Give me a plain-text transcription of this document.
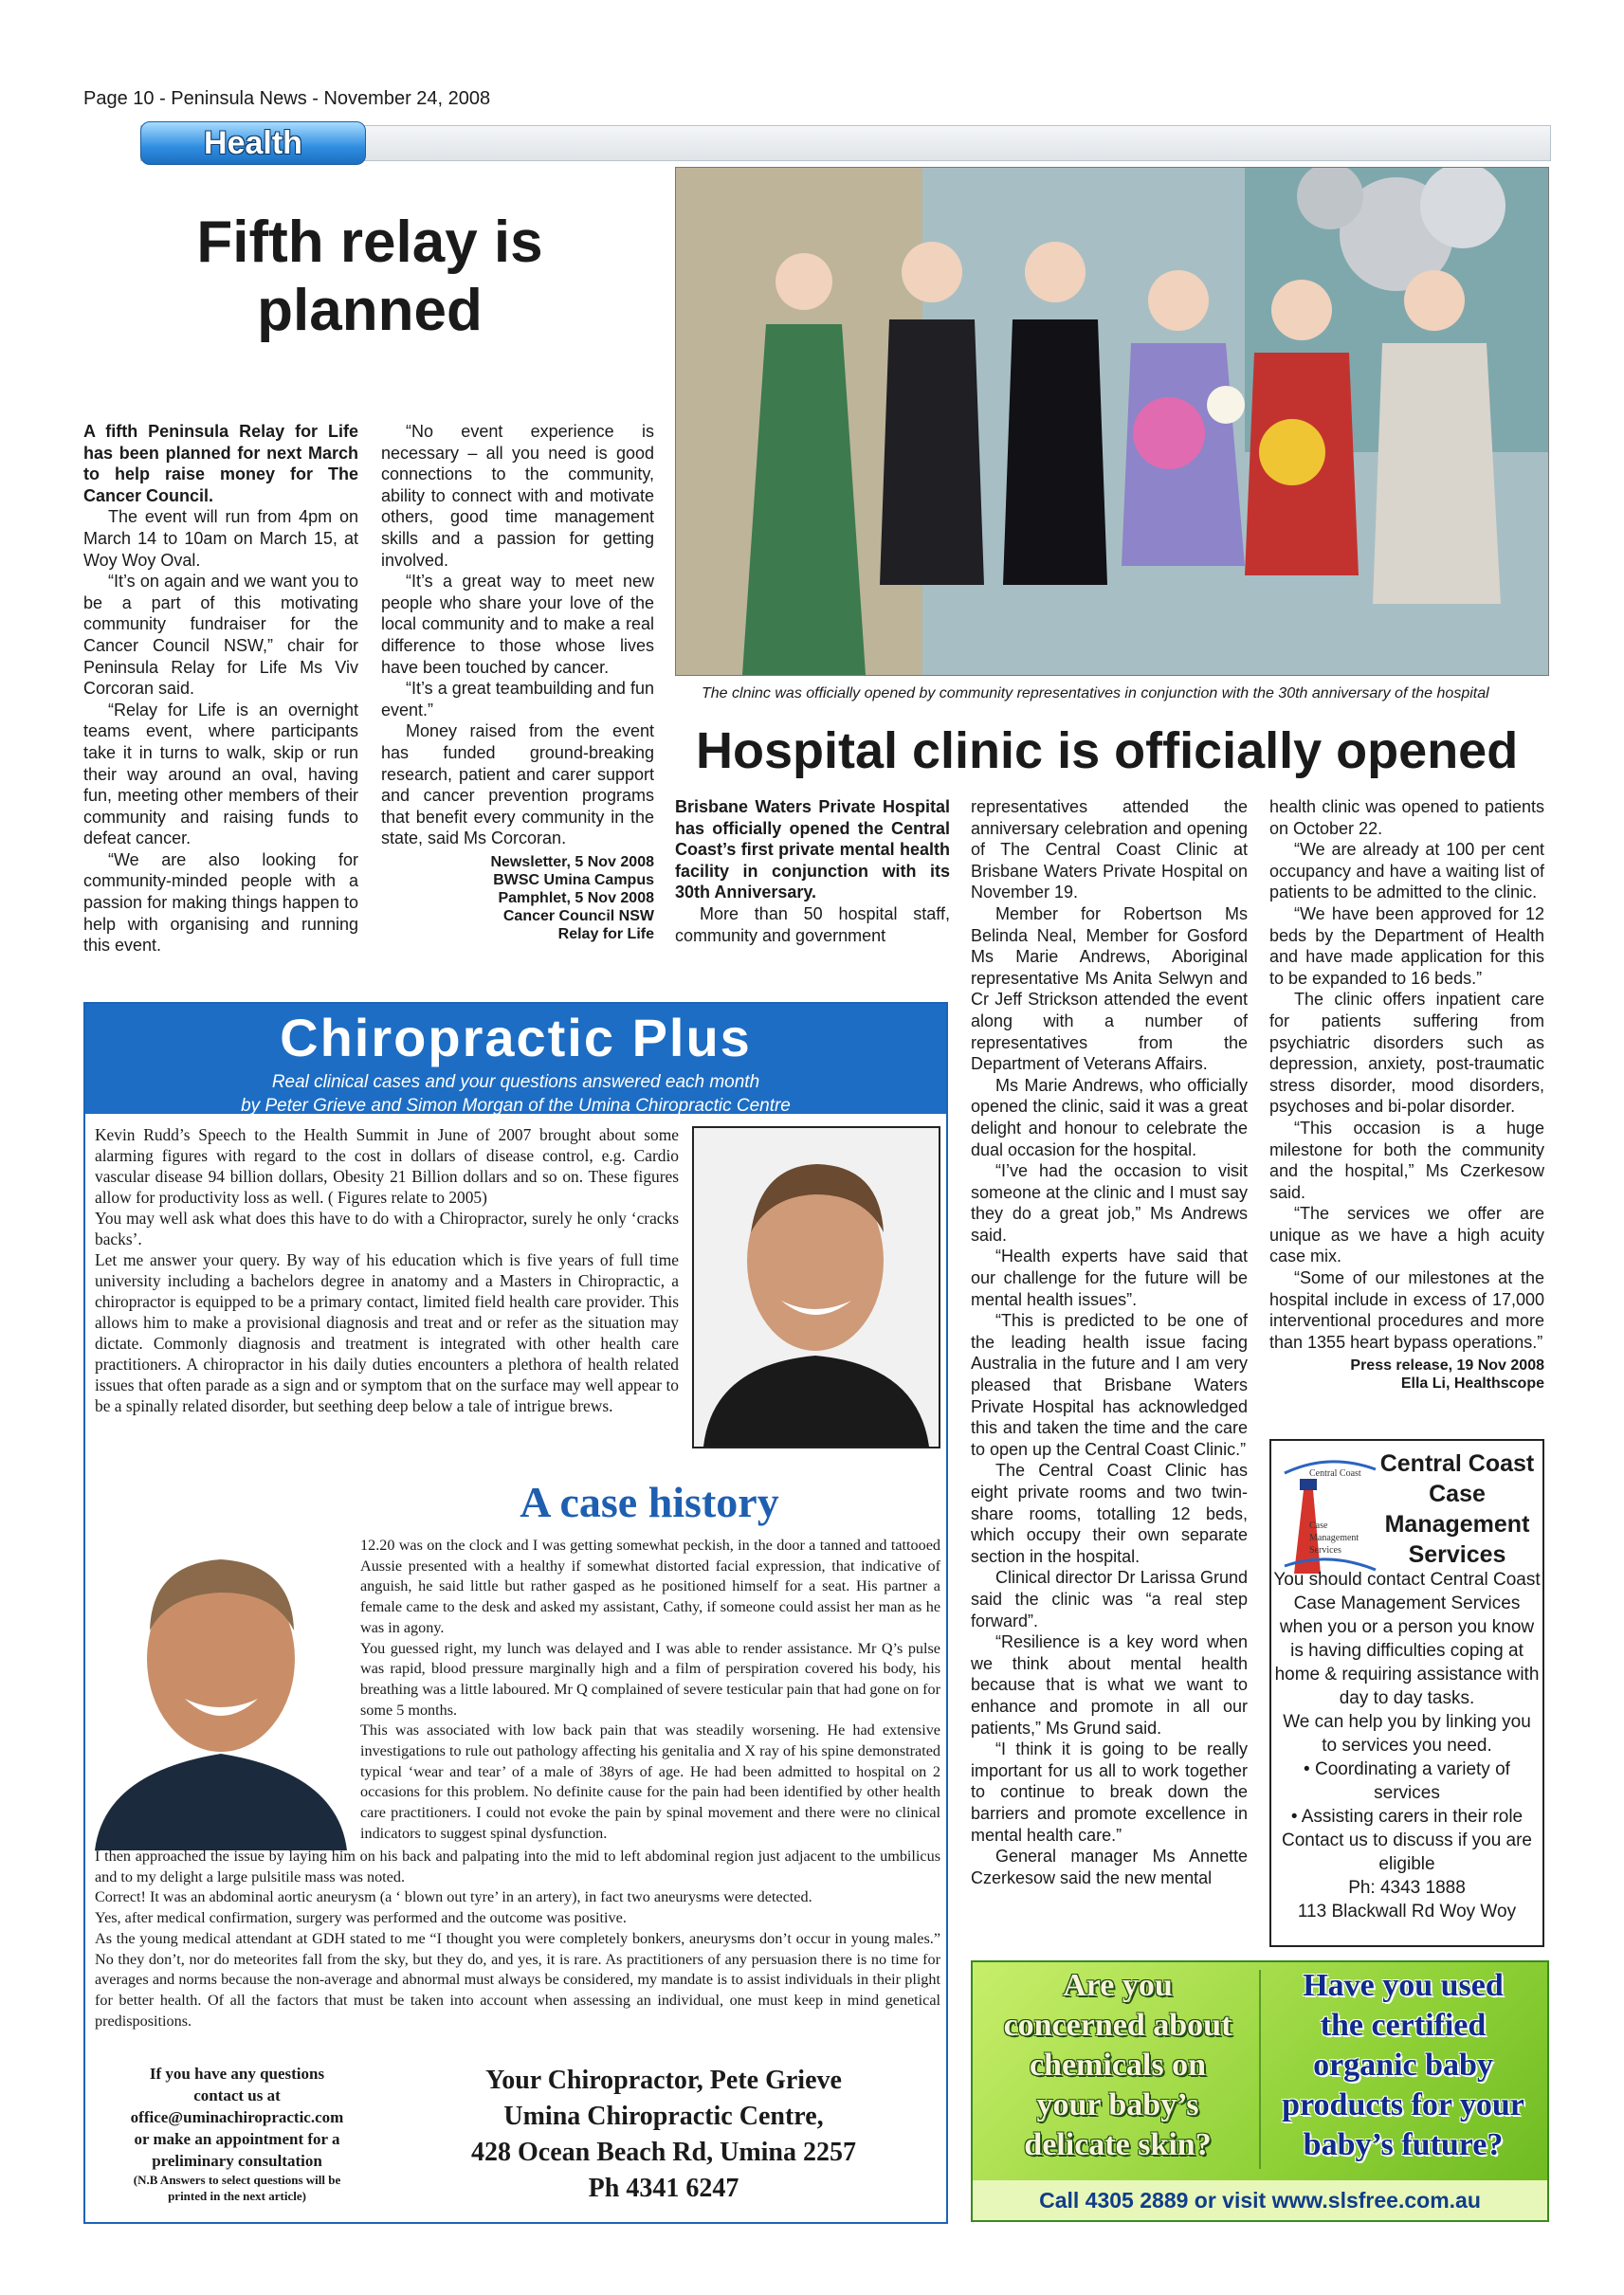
Page 10 - Peninsula News - November 24, 2008
Health
Fifth relay is planned

A fifth Peninsula Relay for Life has been planned for next March to help raise money for The Cancer Council.

The event will run from 4pm on March 14 to 10am on March 15, at Woy Woy Oval.

“It’s on again and we want you to be a part of this motivating community fundraiser for the Cancer Council NSW,” chair for Peninsula Relay for Life Ms Viv Corcoran said.

“Relay for Life is an overnight teams event, where participants take it in turns to walk, skip or run their way around an oval, having fun, meeting other members of their community and raising funds to defeat cancer.

“We are also looking for community-minded people with a passion for making things happen to help with organising and running this event.

“No event experience is necessary – all you need is good connections to the community, ability to connect with and motivate others, good time management skills and a passion for getting involved.

“It’s a great way to meet new people who share your love of the local community and to make a real difference to those whose lives have been touched by cancer.

“It’s a great teambuilding and fun event.”

Money raised from the event has funded ground-breaking research, patient and carer support and cancer prevention programs that benefit every community in the state, said Ms Corcoran.

Newsletter, 5 Nov 2008
BWSC Umina Campus
Pamphlet, 5 Nov 2008
Cancer Council NSW
Relay for Life
The clninc was officially opened by community representatives in conjunction with the 30th anniversary of the hospital
Hospital clinic is officially opened

Brisbane Waters Private Hospital has officially opened the Central Coast’s first private mental health facility in conjunction with its 30th Anniversary.

More than 50 hospital staff, community and government

representatives attended the anniversary celebration and opening of The Central Coast Clinic at Brisbane Waters Private Hospital on November 19.

Member for Robertson Ms Belinda Neal, Member for Gosford Ms Marie Andrews, Aboriginal representative Ms Anita Selwyn and Cr Jeff Strickson attended the event along with a number of representatives from the Department of Veterans Affairs.

Ms Marie Andrews, who officially opened the clinic, said it was a great delight and honour to celebrate the dual occasion for the hospital.

“I’ve had the occasion to visit someone at the clinic and I must say they do a great job,” Ms Andrews said.

“Health experts have said that our challenge for the future will be mental health issues”.

“This is predicted to be one of the leading health issue facing Australia in the future and I am very pleased that Brisbane Waters Private Hospital has acknowledged this and taken the time and the care to open up the Central Coast Clinic.”

The Central Coast Clinic has eight private rooms and two twin-share rooms, totalling 12 beds, which occupy their own separate section in the hospital.

Clinical director Dr Larissa Grund said the clinic was “a real step forward”.

“Resilience is a key word when we think about mental health because that is what we want to enhance and promote in all our patients,” Ms Grund said.

“I think it is going to be really important for us all to work together to continue to break down the barriers and promote excellence in mental health care.”

General manager Ms Annette Czerkesow said the new mental

health clinic was opened to patients on October 22.

“We are already at 100 per cent occupancy and have a waiting list of patients to be admitted to the clinic.

“We have been approved for 12 beds by the Department of Health and have made application for this to be expanded to 16 beds.”

The clinic offers inpatient care for patients suffering from psychiatric disorders such as depression, anxiety, post-traumatic stress disorder, mood disorders, psychoses and bi-polar disorder.

“This occasion is a huge milestone for both the community and the hospital,” Ms Czerkesow said.

“The services we offer are unique as we have a high acuity case mix.

“Some of our milestones at the hospital include in excess of 17,000 interventional procedures and more than 1355 heart bypass operations.”

Press release, 19 Nov 2008
Ella Li, Healthscope
Central Coast
Case
Management
Services
Central Coast
Case
Management
Services
You should contact Central Coast Case Management Services when you or a person you know is having difficulties coping at home & requiring assistance with day to day tasks.
We can help you by linking you to services you need.
• Coordinating a variety of services
• Assisting carers in their role
Contact us to discuss if you are eligible
Ph: 4343 1888
113 Blackwall Rd Woy Woy
Are you
concerned about
chemicals on
your baby’s
delicate skin?
Have you used
the certified
organic baby
products for your
baby’s future?
Call 4305 2889 or visit www.slsfree.com.au
Chiropractic Plus
Real clinical cases and your questions answered each month
by Peter Grieve and Simon Morgan of the Umina Chiropractic Centre

Kevin Rudd’s Speech to the Health Summit in June of 2007 brought about some alarming figures with regard to the cost in dollars of disease control, e.g. Cardio vascular disease 94 billion dollars, Obesity 21 Billion dollars and so on. These figures allow for productivity loss as well. ( Figures relate to 2005)

You may well ask what does this have to do with a Chiropractor, surely he only ‘cracks backs’.

Let me answer your query. By way of his education which is five years of full time university including a bachelors degree in anatomy and a Masters in Chiropractic, a chiropractor is equipped to be a primary contact, limited field health care provider. This allows him to make a provisional diagnosis and treat and or refer as the situation may dictate. Commonly diagnosis and treatment is integrated with other health care practitioners. A chiropractor in his daily duties encounters a plethora of health related issues that often parade as a sign and or symptom that on the surface may well appear to be a spinally related disorder, but seething deep below a tale of intrigue brews.

A case history

12.20 was on the clock and I was getting somewhat peckish, in the door a tanned and tattooed Aussie presented with a healthy if somewhat distorted facial expression, that indicative of anguish, he said little but rather gasped as he positioned himself for a seat. His partner a female came to the desk and asked my assistant, Cathy, if someone could assist her man as he was in agony.

You guessed right, my lunch was delayed and I was able to render assistance. Mr Q’s pulse was rapid, blood pressure marginally high and a film of perspiration covered his body, his breathing was a little laboured. Mr Q complained of severe testicular pain that had gone on for some 5 months.

This was associated with low back pain that was steadily worsening. He had extensive investigations to rule out pathology affecting his genitalia and X ray of his spine demonstrated typical ‘wear and tear’ of a male of 38yrs of age. He had been admitted to hospital on 2 occasions for this problem. No definite cause for the pain had been identified by other health care practitioners. I could not evoke the pain by spinal movement and there were no clinical indicators to suggest spinal dysfunction.

I then approached the issue by laying him on his back and palpating into the mid to left abdominal region just adjacent to the umbilicus and to my delight a large pulsitile mass was noted.

Correct! It was an abdominal aortic aneurysm (a ‘ blown out tyre’ in an artery), in fact two aneurysms were detected.

Yes, after medical confirmation, surgery was performed and the outcome was positive.

As the young medical attendant at GDH stated to me “I thought you were completely bonkers, aneurysms don’t occur in young males.” No they don’t, nor do meteorites fall from the sky, but they do, and yes, it is rare. As practitioners of any persuasion there is no time for averages and norms because the non-average and abnormal must always be considered, my mandate is to assist individuals in their plight for better health. Of all the factors that must be taken into account when assessing an individual, one must keep in mind genetical predispositions.

If you have any questions
contact us at
office@uminachiropractic.com
or make an appointment for a
preliminary consultation
(N.B Answers to select questions will be
printed in the next article)
Your Chiropractor, Pete Grieve
Umina Chiropractic Centre,
428 Ocean Beach Rd, Umina 2257
Ph 4341 6247
